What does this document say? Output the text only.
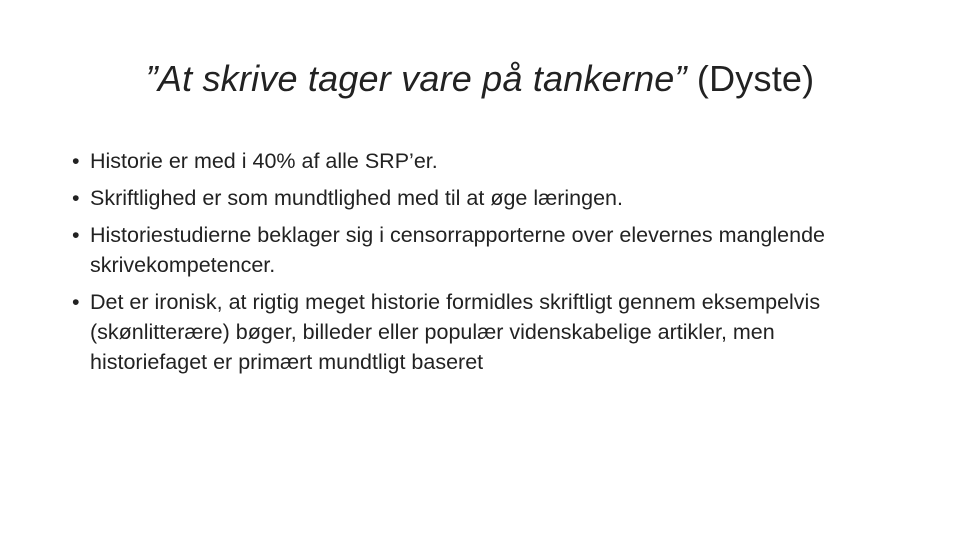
”At skrive tager vare på tankerne” (Dyste)
• Historie er med i 40% af alle SRP’er.
• Skriftlighed er som mundtlighed med til at øge læringen.
• Historiestudierne beklager sig i censorrapporterne over elevernes manglende skrivekompetencer.
• Det er ironisk, at rigtig meget historie formidles skriftligt gennem eksempelvis (skønlitterære) bøger, billeder eller populær videnskabelige artikler, men historiefaget er primært mundtligt baseret
